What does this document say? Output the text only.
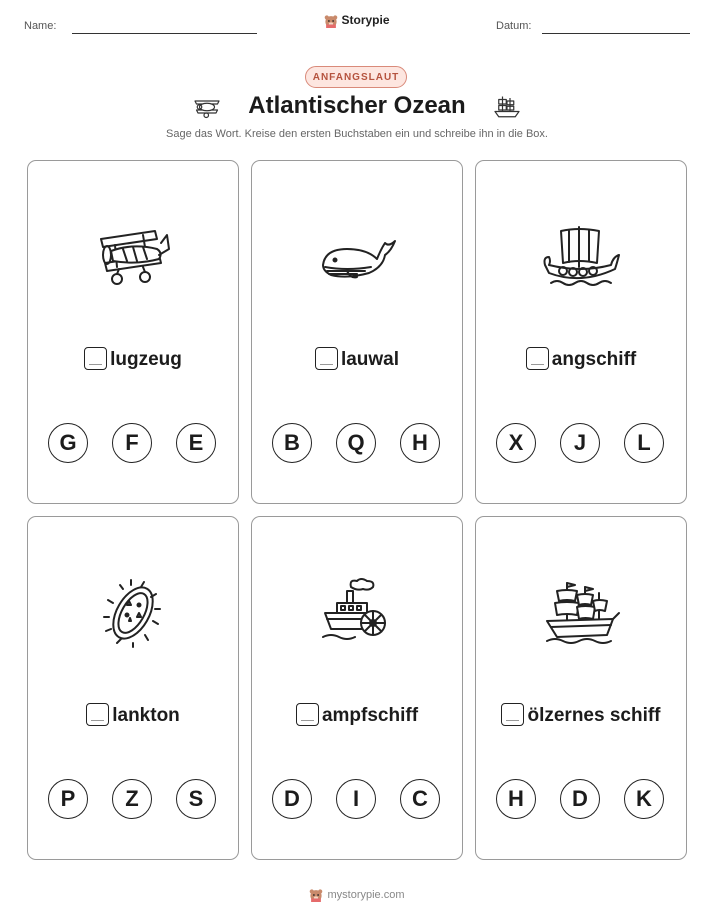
Name:	Storypie	Datum:
ANFANGSLAUT
Atlantischer Ozean
Sage das Wort. Kreise den ersten Buchstaben ein und schreibe ihn in die Box.
lugzeug
G	F	E
lauwal
B	Q	H
angschiff
X	J	L
lankton
P	Z	S
ampfschiff
D	I	C
ölzernes schiff
H	D	K
mystorypie.com
